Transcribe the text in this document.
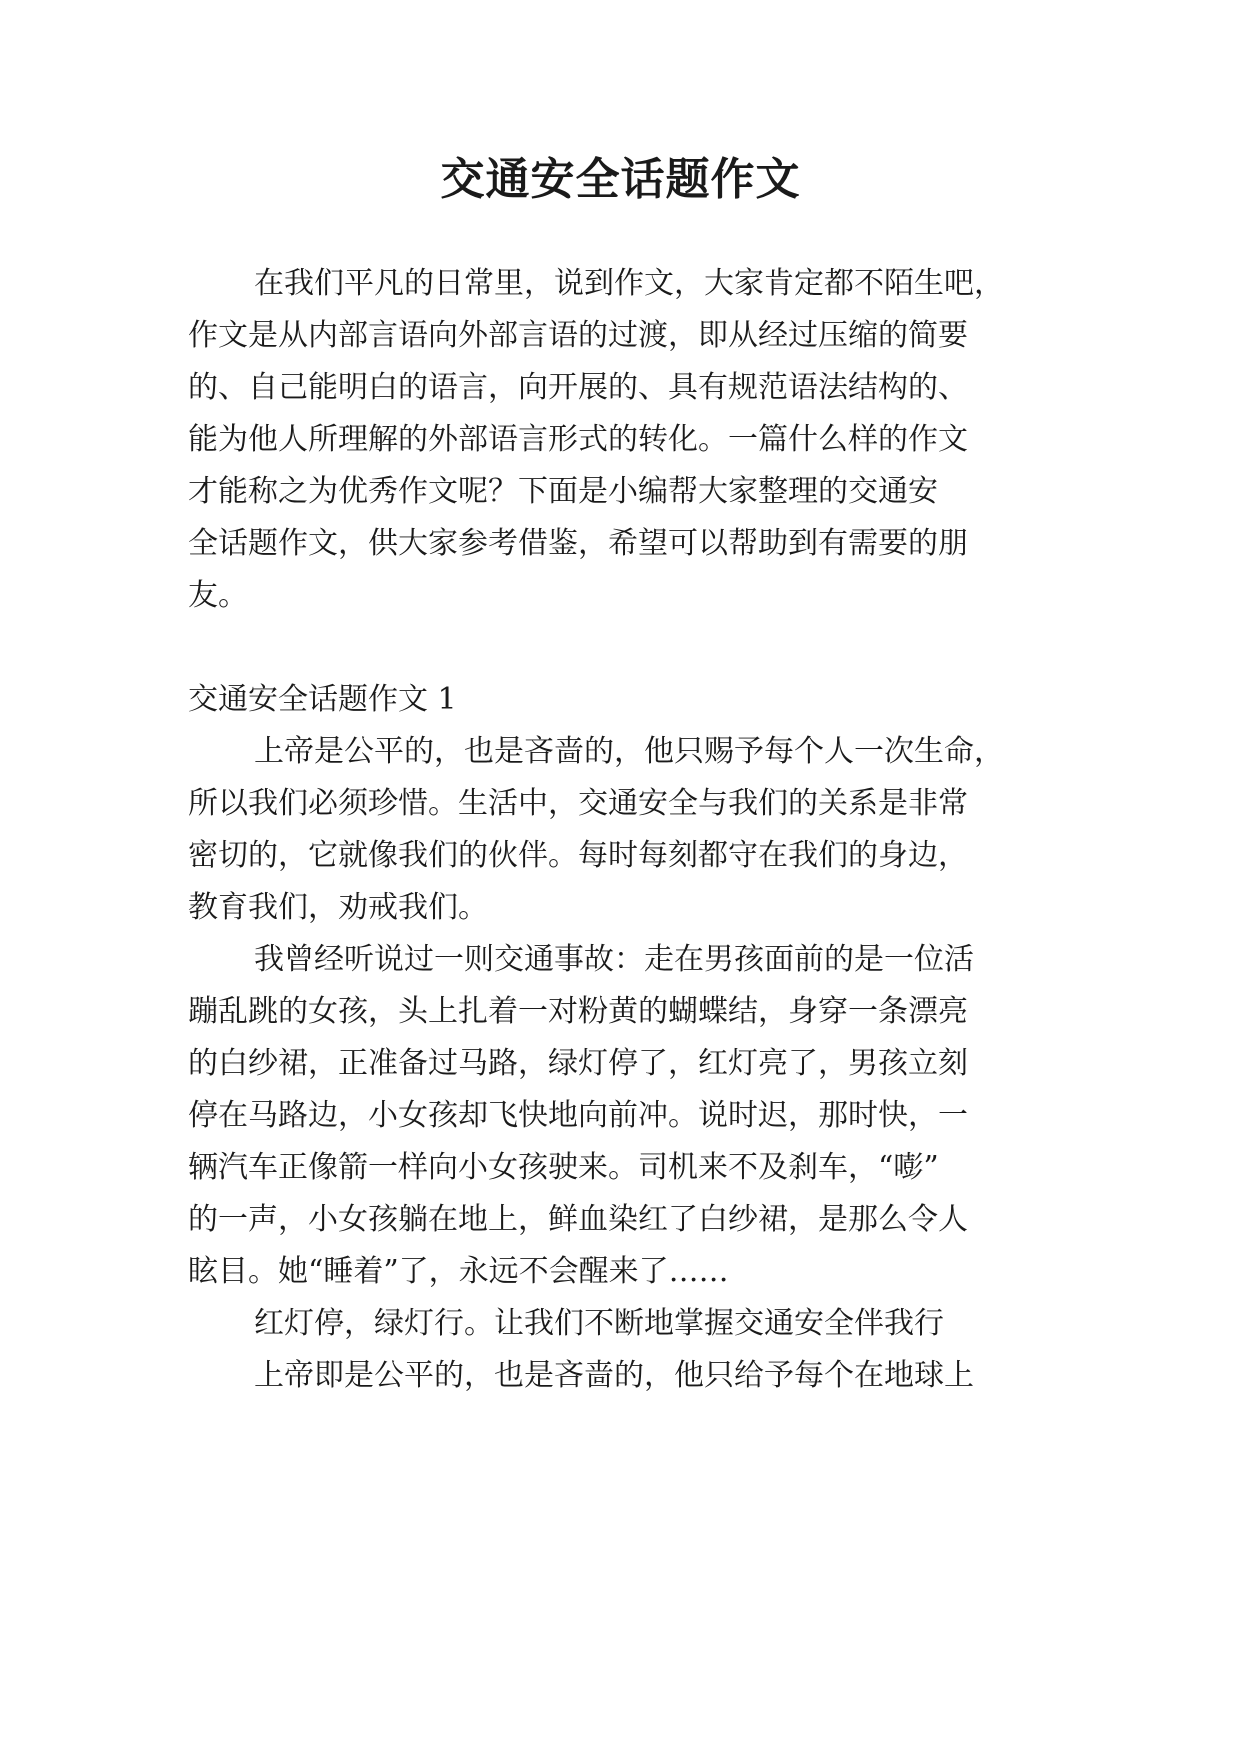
交通安全话题作文

在我们平凡的日常里，说到作文，大家肯定都不陌生吧，

作文是从内部言语向外部言语的过渡，即从经过压缩的简要

的、自己能明白的语言，向开展的、具有规范语法结构的、

能为他人所理解的外部语言形式的转化。一篇什么样的作文

才能称之为优秀作文呢？下面是小编帮大家整理的交通安

全话题作文，供大家参考借鉴，希望可以帮助到有需要的朋

友。

交通安全话题作文 1

上帝是公平的，也是吝啬的，他只赐予每个人一次生命，

所以我们必须珍惜。生活中，交通安全与我们的关系是非常

密切的，它就像我们的伙伴。每时每刻都守在我们的身边，

教育我们，劝戒我们。

我曾经听说过一则交通事故：走在男孩面前的是一位活

蹦乱跳的女孩，头上扎着一对粉黄的蝴蝶结，身穿一条漂亮

的白纱裙，正准备过马路，绿灯停了，红灯亮了，男孩立刻

停在马路边，小女孩却飞快地向前冲。说时迟，那时快，一

辆汽车正像箭一样向小女孩驶来。司机来不及刹车，“嘭”

的一声，小女孩躺在地上，鲜血染红了白纱裙，是那么令人

眩目。她“睡着”了，永远不会醒来了……

红灯停，绿灯行。让我们不断地掌握交通安全伴我行

上帝即是公平的，也是吝啬的，他只给予每个在地球上
